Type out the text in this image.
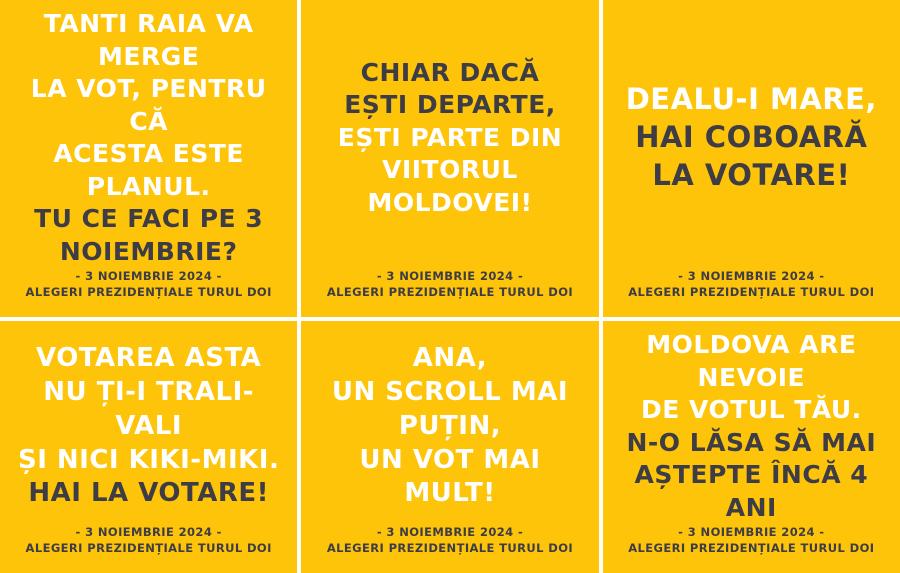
TANTI RAIA VA MERGE
LA VOT, PENTRU CĂ
ACESTA ESTE PLANUL.
TU CE FACI PE 3
NOIEMBRIE?
- 3 NOIEMBRIE 2024 -
ALEGERI PREZIDENȚIALE TURUL DOI
CHIAR DACĂ
EȘTI DEPARTE,
EȘTI PARTE DIN
VIITORUL MOLDOVEI!
- 3 NOIEMBRIE 2024 -
ALEGERI PREZIDENȚIALE TURUL DOI
DEALU-I MARE,
HAI COBOARĂ
LA VOTARE!
- 3 NOIEMBRIE 2024 -
ALEGERI PREZIDENȚIALE TURUL DOI
VOTAREA ASTA
NU ȚI-I TRALI-VALI
ȘI NICI KIKI-MIKI.
HAI LA VOTARE!
- 3 NOIEMBRIE 2024 -
ALEGERI PREZIDENȚIALE TURUL DOI
ANA,
UN SCROLL MAI PUȚIN,
UN VOT MAI MULT!
- 3 NOIEMBRIE 2024 -
ALEGERI PREZIDENȚIALE TURUL DOI
MOLDOVA ARE NEVOIE
DE VOTUL TĂU.
N-O LĂSA SĂ MAI
AȘTEPTE ÎNCĂ 4 ANI
- 3 NOIEMBRIE 2024 -
ALEGERI PREZIDENȚIALE TURUL DOI
